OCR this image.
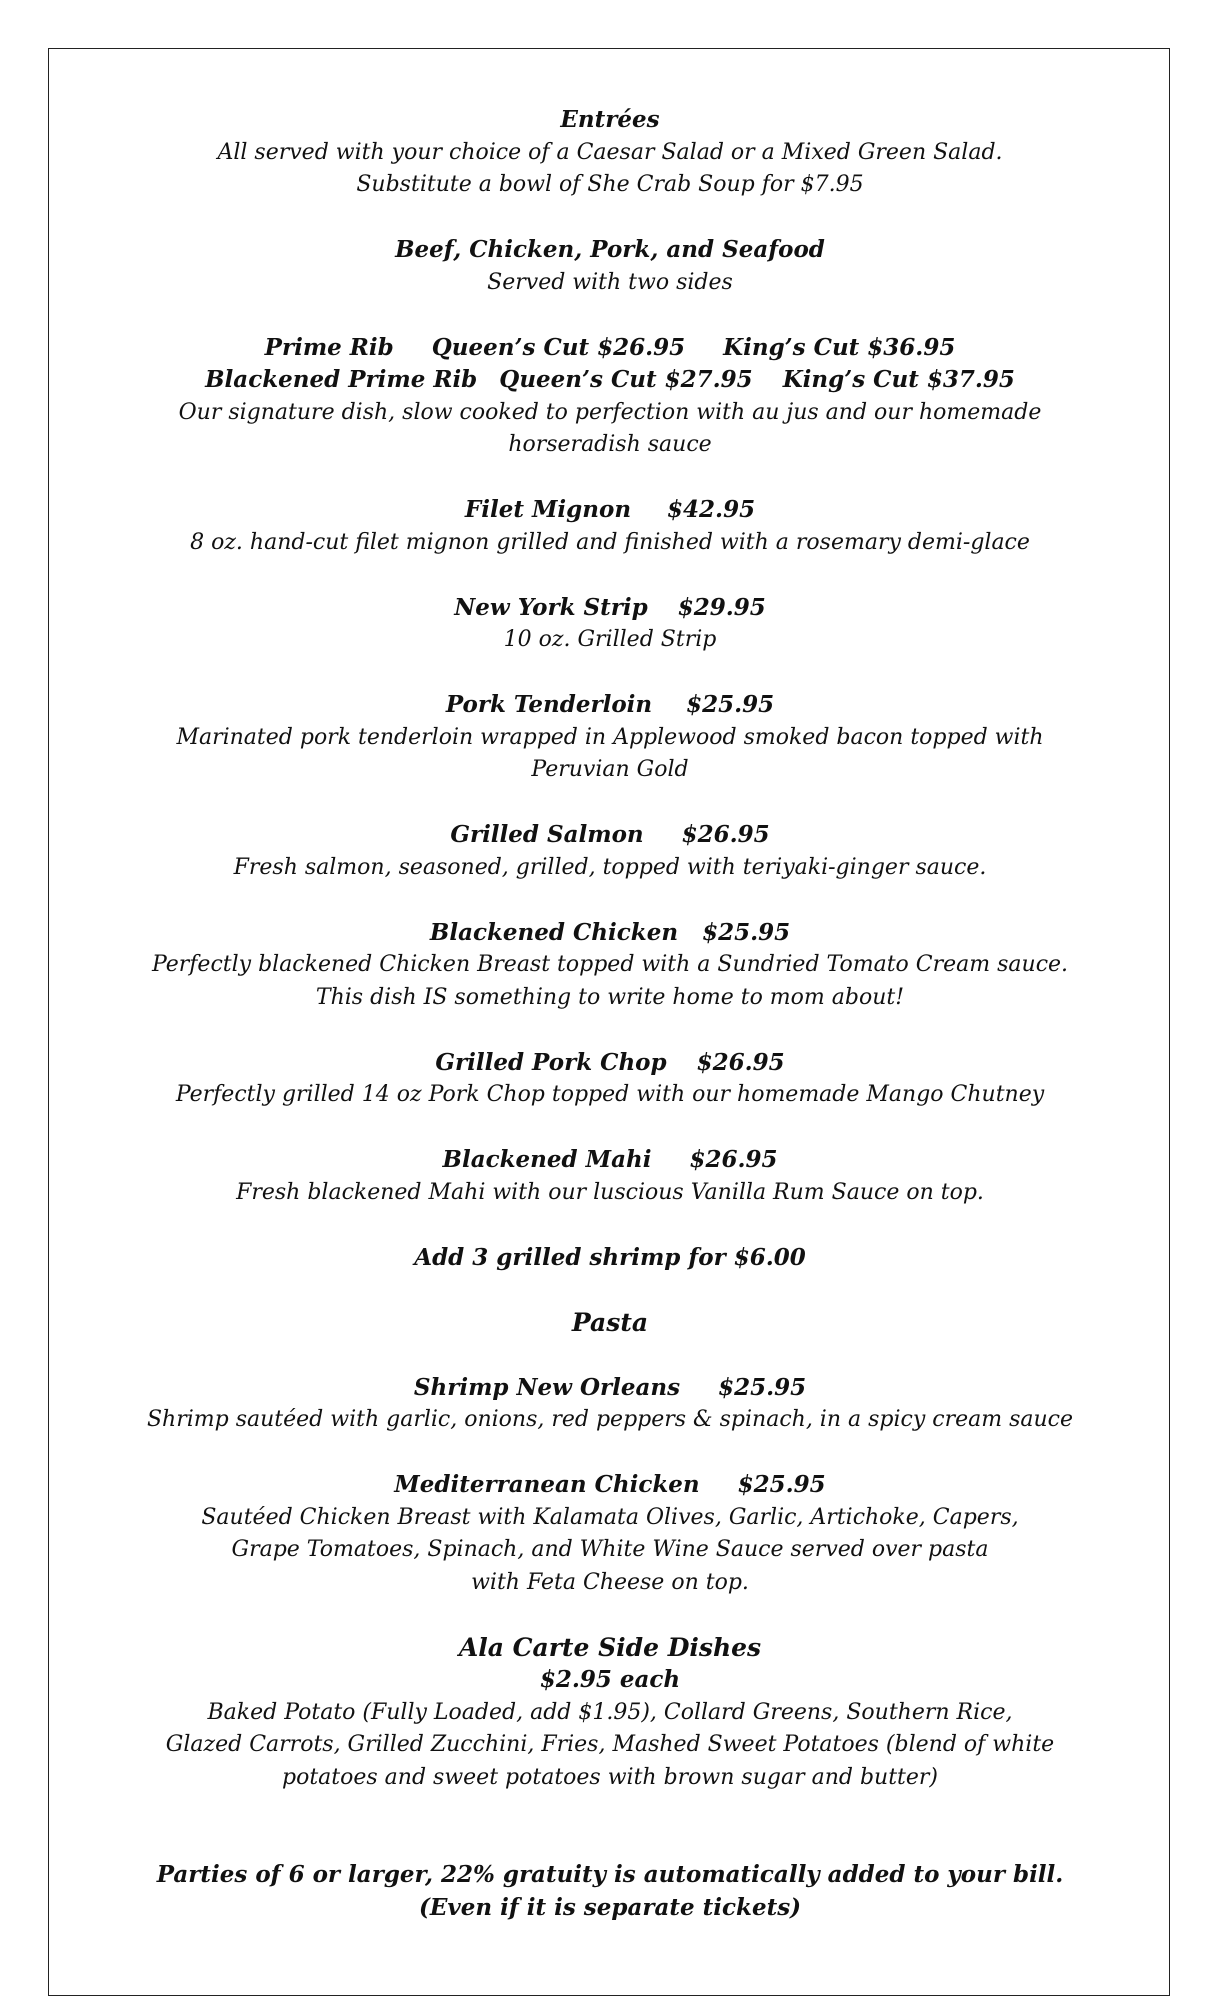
Entrées
All served with your choice of a Caesar Salad or a Mixed Green Salad.
Substitute a bowl of She Crab Soup for $7.95
Beef, Chicken, Pork, and Seafood
Served with two sides
Prime Rib Queen’s Cut $26.95 King’s Cut $36.95
Blackened Prime Rib Queen’s Cut $27.95 King’s Cut $37.95
Our signature dish, slow cooked to perfection with au jus and our homemade
horseradish sauce
Filet Mignon $42.95
8 oz. hand-cut filet mignon grilled and finished with a rosemary demi-glace
New York Strip $29.95
10 oz. Grilled Strip
Pork Tenderloin $25.95
Marinated pork tenderloin wrapped in Applewood smoked bacon topped with
Peruvian Gold
Grilled Salmon $26.95
Fresh salmon, seasoned, grilled, topped with teriyaki-ginger sauce.
Blackened Chicken $25.95
Perfectly blackened Chicken Breast topped with a Sundried Tomato Cream sauce.
This dish IS something to write home to mom about!
Grilled Pork Chop $26.95
Perfectly grilled 14 oz Pork Chop topped with our homemade Mango Chutney
Blackened Mahi $26.95
Fresh blackened Mahi with our luscious Vanilla Rum Sauce on top.
Add 3 grilled shrimp for $6.00
Pasta
Shrimp New Orleans $25.95
Shrimp sautéed with garlic, onions, red peppers & spinach, in a spicy cream sauce
Mediterranean Chicken $25.95
Sautéed Chicken Breast with Kalamata Olives, Garlic, Artichoke, Capers,
Grape Tomatoes, Spinach, and White Wine Sauce served over pasta
with Feta Cheese on top.
Ala Carte Side Dishes
$2.95 each
Baked Potato (Fully Loaded, add $1.95), Collard Greens, Southern Rice,
Glazed Carrots, Grilled Zucchini, Fries, Mashed Sweet Potatoes (blend of white
potatoes and sweet potatoes with brown sugar and butter)
Parties of 6 or larger, 22% gratuity is automatically added to your bill.
(Even if it is separate tickets)
